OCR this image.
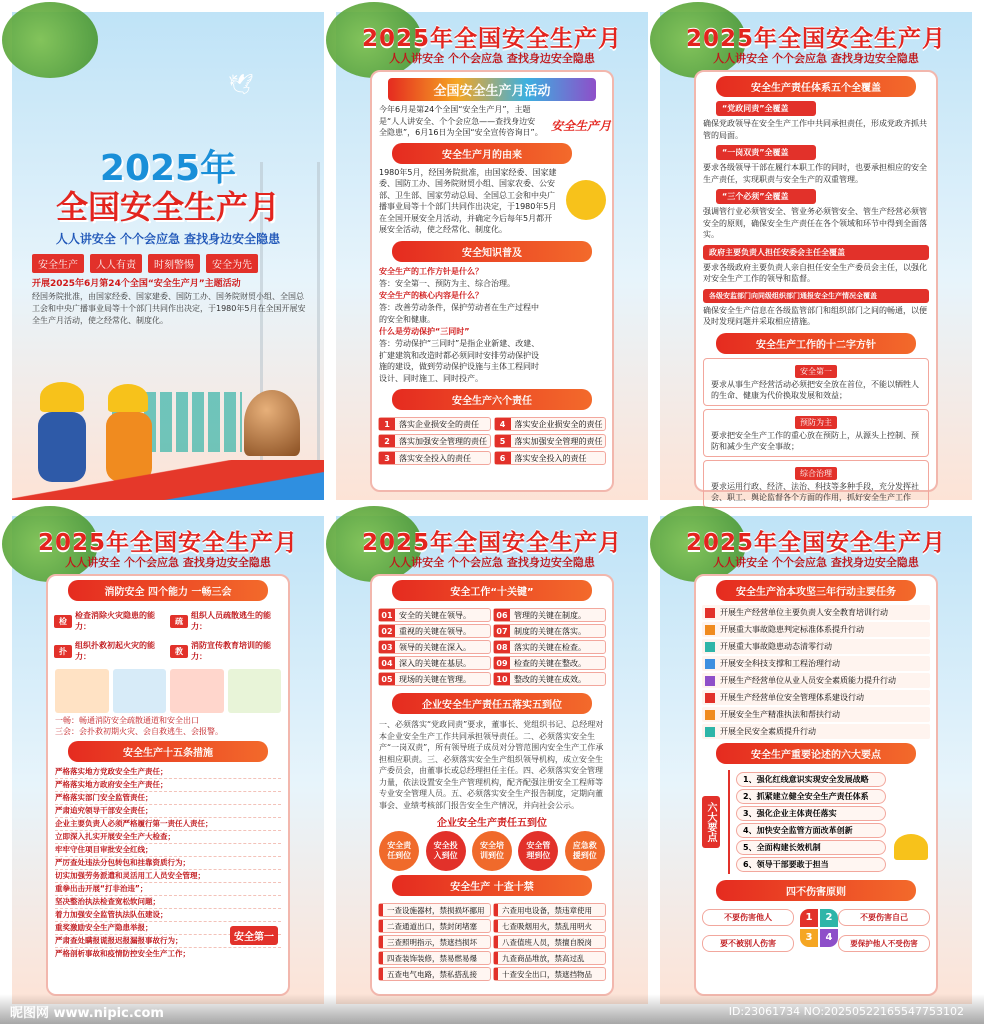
🕊
2025年
全国安全生产月
人人讲安全 个个会应急 查找身边安全隐患
安全生产	人人有责	时刻警惕	安全为先
开展2025年6月第24个全国“安全生产月”主题活动
经国务院批准，由国家经委、国家建委、国防工办、国务院财贸小组、全国总工会和中央广播事业局等十个部门共同作出决定，于1980年5月在全国开展安全生产月活动，使之经常化、制度化。
2025年全国安全生产月
人人讲安全 个个会应急 查找身边安全隐患
全国安全生产月活动
今年6月是第24个全国“安全生产月”，主题是“人人讲安全、个个会应急——查找身边安全隐患”，6月16日为全国“安全宣传咨询日”。 安全生产月
安全生产月的由来
1980年5月，经国务院批准，由国家经委、国家建委、国防工办、国务院财贸小组、国家农委、公安部、卫生部、国家劳动总局、全国总工会和中央广播事业局等十个部门共同作出决定，于1980年5月在全国开展安全月活动，并确定今后每年5月都开展安全活动，使之经常化、制度化。
安全知识普及
安全生产的工作方针是什么？
答：安全第一、预防为主、综合治理。
安全生产的核心内容是什么？
答：改善劳动条件，保护劳动者在生产过程中的安全和健康。
什么是劳动保护“三同时”
答：劳动保护“三同时”是指企业新建、改建、扩建建筑和改造时都必须同时安排劳动保护设施的建设，做到劳动保护设施与主体工程同时设计、同时施工、同时投产。
安全生产六个责任
1	落实企业损安全的责任	4	落实安企业损安全的责任
2	落实加强安全管理的责任	5	落实加强安全管理的责任
3	落实安全投入的责任	6	落实安全投入的责任
2025年全国安全生产月
人人讲安全 个个会应急 查找身边安全隐患
安全生产责任体系五个全覆盖
“党政同责”全覆盖
确保党政领导在安全生产工作中共同承担责任，形成党政齐抓共管的局面。
“一岗双责”全覆盖
要求各级领导干部在履行本职工作的同时，也要承担相应的安全生产责任，实现职责与安全生产的双重管理。
“三个必须”全覆盖
强调管行业必须管安全、管业务必须管安全、管生产经营必须管安全的原则，确保安全生产责任在各个领域和环节中得到全面落实。
政府主要负责人担任安委会主任全覆盖
要求各级政府主要负责人亲自担任安全生产委员会主任，以强化对安全生产工作的领导和监督。
各级安监部门向同级组织部门通报安全生产情况全覆盖
确保安全生产信息在各级监管部门和组织部门之间的畅通，以便及时发现问题并采取相应措施。
安全生产工作的十二字方针
安全第一
要求从事生产经营活动必须把安全放在首位，不能以牺牲人的生命、健康为代价换取发展和效益；
预防为主
要求把安全生产工作的重心放在预防上，从源头上控制、预防和减少生产安全事故；
综合治理
要求运用行政、经济、法治、科技等多种手段，充分发挥社会、职工、舆论监督各个方面的作用，抓好安全生产工作
2025年全国安全生产月
人人讲安全 个个会应急 查找身边安全隐患
消防安全 四个能力 一畅三会
检
检查消除火灾隐患的能力：
疏
组织人员疏散逃生的能力：
扑
组织扑救初起火灾的能力：
教
消防宣传教育培训的能力：
一畅：畅通消防安全疏散通道和安全出口
三会：会扑救初期火灾、会自救逃生、会报警。
安全生产十五条措施
严格落实地方党政安全生产责任；
严格落实地方政府安全生产责任；
严格落实部门安全监管责任；
严肃追究领导干部安全责任；
企业主要负责人必须严格履行第一责任人责任；
立即深入扎实开展安全生产大检查；
牢牢守住项目审批安全红线；
严厉查处违法分包转包和挂靠资质行为；
切实加强劳务派遣和灵活用工人员安全管理；
重拳出击开展“打非治违”；
坚决整治执法检查宽松软问题；
着力加强安全监管执法队伍建设；
重奖激励安全生产隐患举报；
严肃查处瞒报谎报迟报漏报事故行为；
严格剖析事故和疫情防控安全生产工作；
安全第一
2025年全国安全生产月
人人讲安全 个个会应急 查找身边安全隐患
安全工作“十关键”
01 安全的关键在领导。	06 管理的关键在制度。
02 重视的关键在领导。	07 制度的关键在落实。
03 领导的关键在深入。	08 落实的关键在检查。
04 深入的关键在基层。	09 检查的关键在整改。
05 现场的关键在管理。	10 整改的关键在成效。
企业安全生产责任五落实五到位
一、必须落实“党政同责”要求，董事长、党组织书记、总经理对本企业安全生产工作共同承担领导责任。二、必须落实安全生产“一岗双责”，所有领导班子成员对分管范围内安全生产工作承担相应职责。三、必须落实安全生产组织领导机构，成立安全生产委员会，由董事长或总经理担任主任。四、必须落实安全管理力量，依法设置安全生产管理机构，配齐配强注册安全工程师等专业安全管理人员。五、必须落实安全生产报告制度，定期向董事会、业绩考核部门报告安全生产情况，并向社会公示。
企业安全生产责任五到位
安全责任到位
安全投入到位
安全培训到位
安全管理到位
应急救援到位
安全生产 十查十禁
一查设施器材，禁损损坏挪用	六查用电设备，禁违章使用
二查通道出口，禁封闭堵塞	七查吸烟用火，禁乱用明火
三查照明指示，禁遮挡损坏	八查值班人员，禁擅自脱岗
四查装饰装修，禁易燃易爆	九查商品堆放，禁高过乱
五查电气电路，禁私搭乱接	十查安全出口，禁遮挡物品
2025年全国安全生产月
人人讲安全 个个会应急 查找身边安全隐患
安全生产治本攻坚三年行动主要任务
开展生产经营单位主要负责人安全教育培训行动
开展重大事故隐患判定标准体系提升行动
开展重大事故隐患动态清零行动
开展安全科技支撑和工程治理行动
开展生产经营单位从业人员安全素质能力提升行动
开展生产经营单位安全管理体系建设行动
开展安全生产精准执法和帮扶行动
开展全民安全素质提升行动
安全生产重要论述的六大要点
六大要点
1、强化红线意识实现安全发展战略
2、抓紧建立健全安全生产责任体系
3、强化企业主体责任落实
4、加快安全监管方面改革创新
5、全面构建长效机制
6、领导干部要敢于担当
四不伤害原则
不要伤害他人	不要伤害自己
要不被别人伤害	要保护他人不受伤害
1	2
3	4
昵图网 www.nipic.com	ID:23061734 NO:20250522165547753102
